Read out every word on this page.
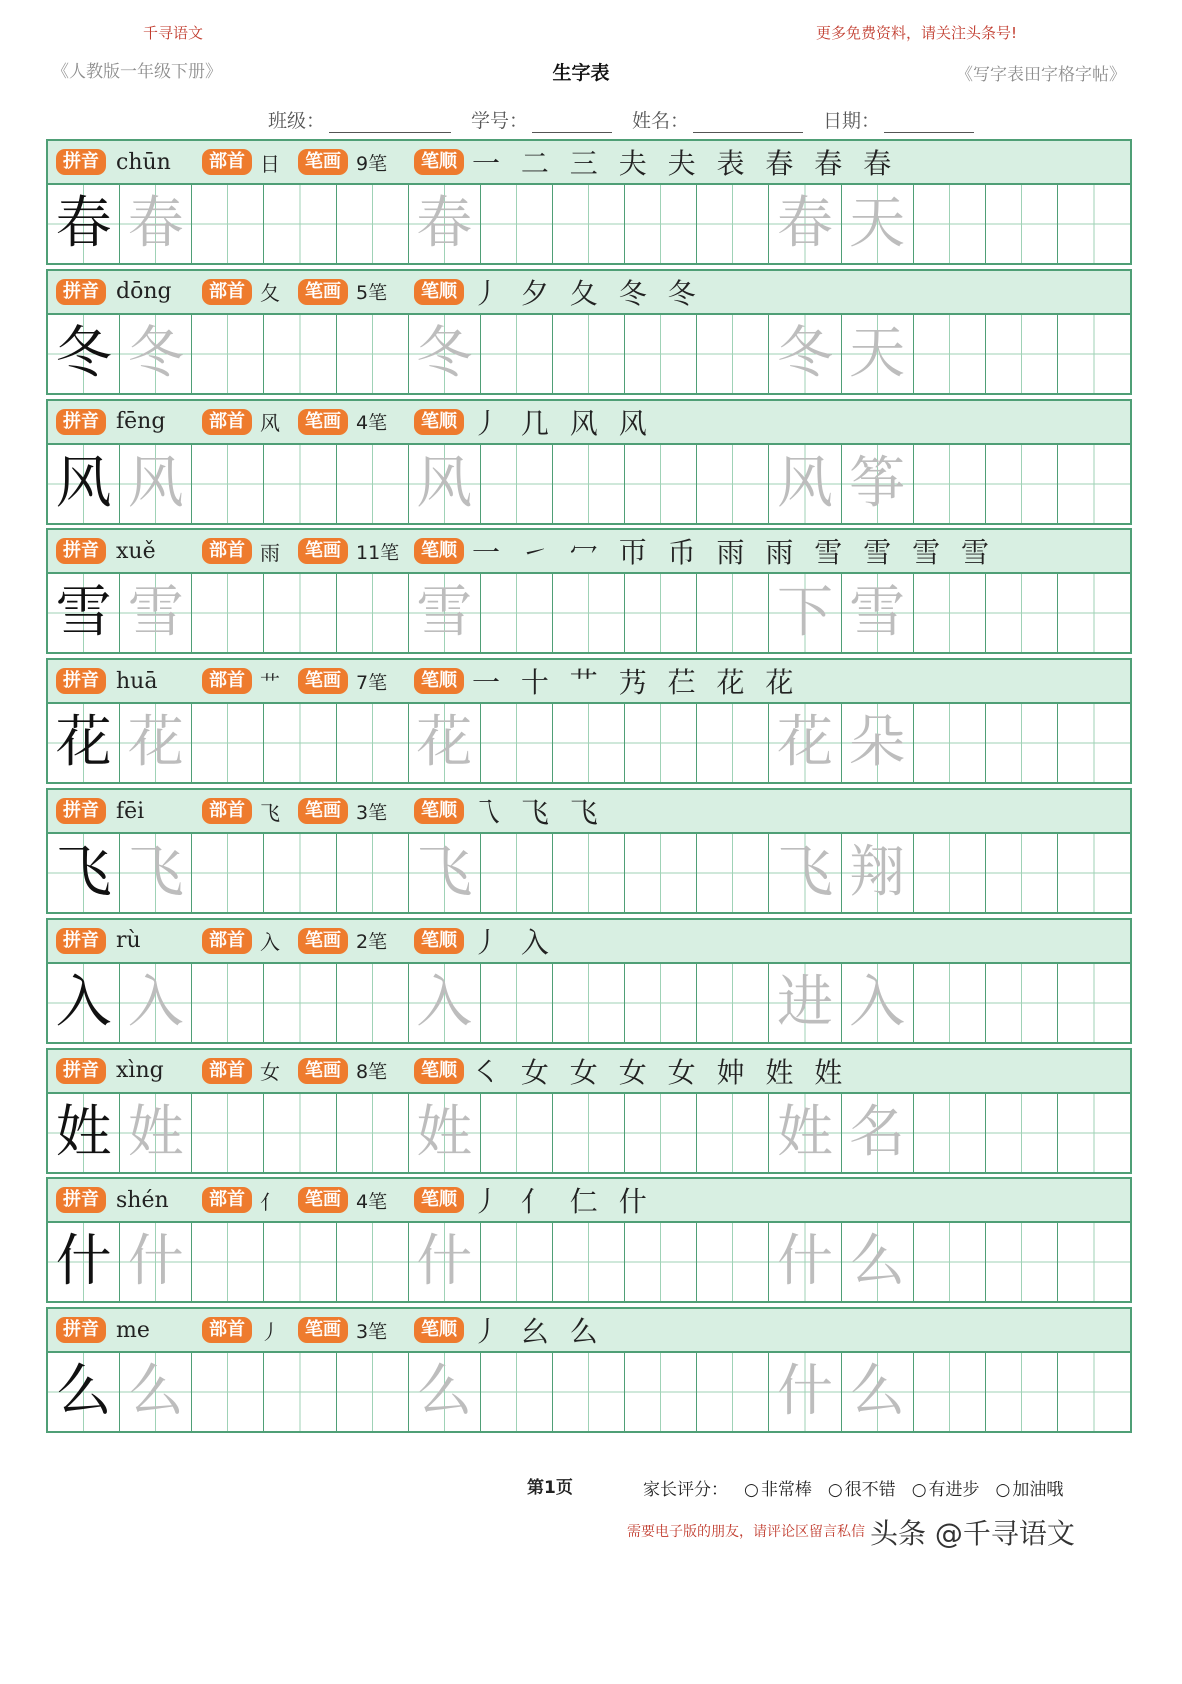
千寻语文	更多免费资料，请关注头条号!
《人教版一年级下册》	生字表	《写字表田字格字帖》
班级：	学号：	姓名：	日期：
拼音 chūn	部首 日	笔画 9笔	笔顺 一 二 三 夫 夫 表 春 春 春
春 春	春	春 天
拼音 dōng	部首 夂	笔画 5笔	笔顺 丿 夕 夂 冬 冬
冬 冬	冬	冬 天
拼音 fēng	部首 风	笔画 4笔	笔顺 丿 几 风 风
风 风	风	风 筝
拼音 xuě	部首 雨	笔画 11笔	笔顺 一 ㇀ 冖 帀 币 雨 雨 雪 雪 雪 雪
雪 雪	雪	下 雪
拼音 huā	部首 艹	笔画 7笔	笔顺 一 十 艹 艿 芢 花 花
花 花	花	花 朵
拼音 fēi	部首 飞	笔画 3笔	笔顺 乁 飞 飞
飞 飞	飞	飞 翔
拼音 rù	部首 入	笔画 2笔	笔顺 丿 入
入 入	入	进 入
拼音 xìng	部首 女	笔画 8笔	笔顺 ㇛ 女 女 女 女 妕 姓 姓
姓 姓	姓	姓 名
拼音 shén	部首 亻	笔画 4笔	笔顺 丿 亻 仁 什
什 什	什	什 么
拼音 me	部首 丿	笔画 3笔	笔顺 丿 幺 么
么 么	么	什 么
第1页	家长评分：	○ 非常棒	○ 很不错	○ 有进步	○ 加油哦
需要电子版的朋友，请评论区留言私信 头条 @千寻语文
